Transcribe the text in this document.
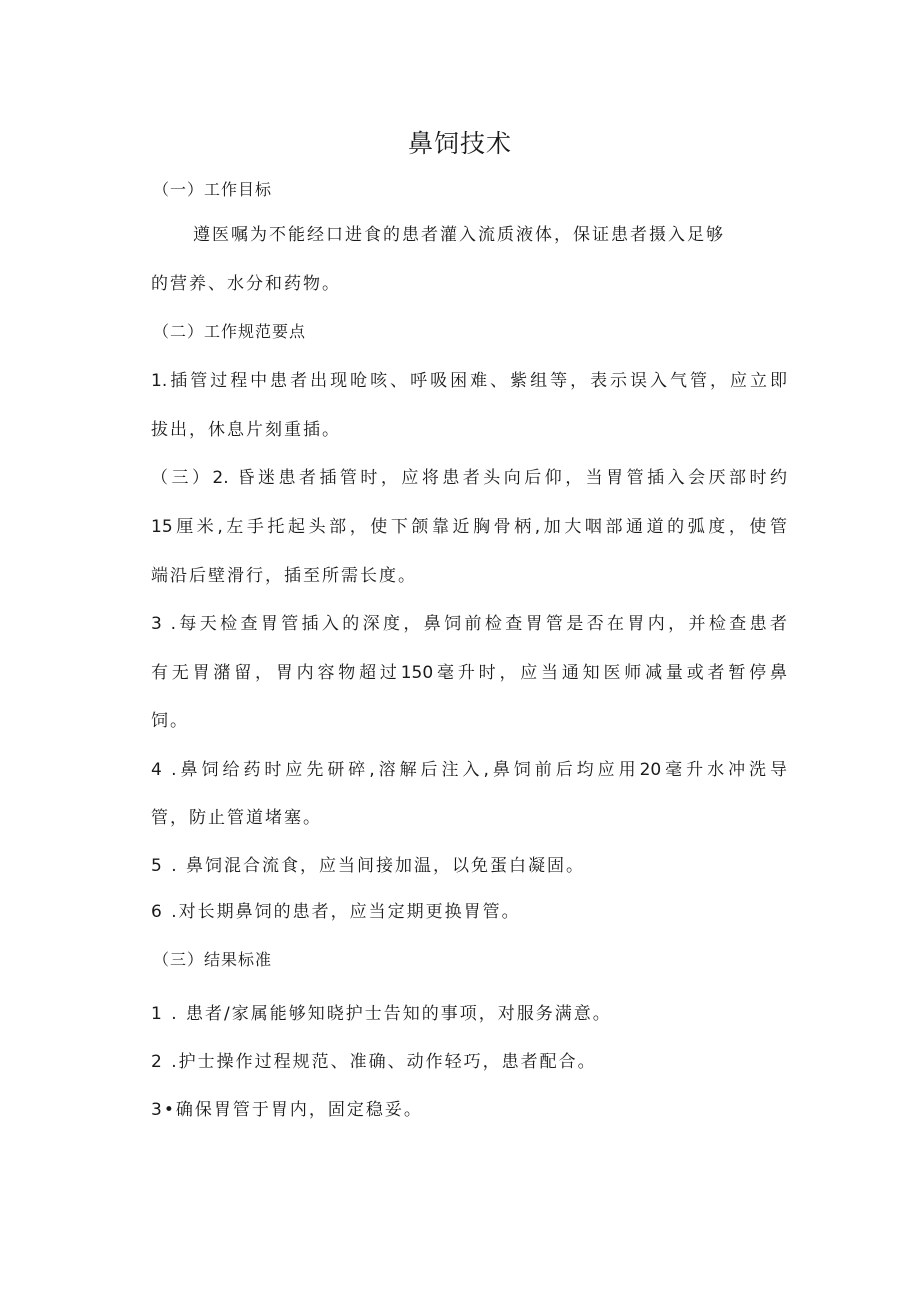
鼻饲技术
（一）工作目标
遵医嘱为不能经口进食的患者灌入流质液体，保证患者摄入足够
的营养、水分和药物。
（二）工作规范要点
1.插管过程中患者出现呛咳、呼吸困难、紫组等，表示误入气管，应立即
拔出，休息片刻重插。
（三）2. 昏迷患者插管时，应将患者头向后仰，当胃管插入会厌部时约
15厘米,左手托起头部，使下颌靠近胸骨柄,加大咽部通道的弧度，使管
端沿后壁滑行，插至所需长度。
3 .每天检查胃管插入的深度，鼻饲前检查胃管是否在胃内，并检查患者
有无胃潴留，胃内容物超过150毫升时，应当通知医师减量或者暂停鼻
饲。
4 .鼻饲给药时应先研碎,溶解后注入,鼻饲前后均应用20毫升水冲洗导
管，防止管道堵塞。
5 . 鼻饲混合流食，应当间接加温，以免蛋白凝固。
6 .对长期鼻饲的患者，应当定期更换胃管。
（三）结果标准
1 . 患者/家属能够知晓护士告知的事项，对服务满意。
2 .护士操作过程规范、准确、动作轻巧，患者配合。
3•确保胃管于胃内，固定稳妥。
